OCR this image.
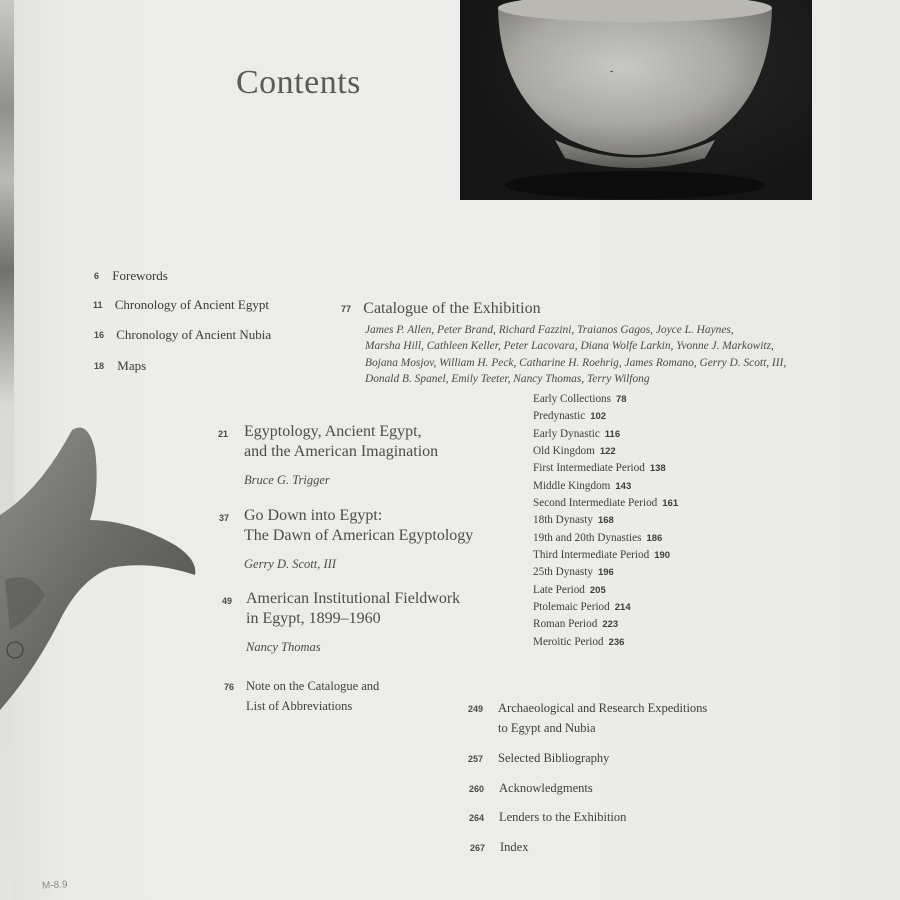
-
M-8.9
Contents
6 Forewords
11 Chronology of Ancient Egypt
16 Chronology of Ancient Nubia
18 Maps
77 Catalogue of the Exhibition
James P. Allen, Peter Brand, Richard Fazzini, Traianos Gagos, Joyce L. Haynes,
Marsha Hill, Cathleen Keller, Peter Lacovara, Diana Wolfe Larkin, Yvonne J. Markowitz,
Bojana Mosjov, William H. Peck, Catharine H. Roehrig, James Romano, Gerry D. Scott, III,
Donald B. Spanel, Emily Teeter, Nancy Thomas, Terry Wilfong
21 Egyptology, Ancient Egypt,
and the American Imagination
Bruce G. Trigger
37 Go Down into Egypt:
The Dawn of American Egyptology
Gerry D. Scott, III
49 American Institutional Fieldwork
in Egypt, 1899–1960
Nancy Thomas
76 Note on the Catalogue and
List of Abbreviations
Early Collections 78
Predynastic 102
Early Dynastic 116
Old Kingdom 122
First Intermediate Period 138
Middle Kingdom 143
Second Intermediate Period 161
18th Dynasty 168
19th and 20th Dynasties 186
Third Intermediate Period 190
25th Dynasty 196
Late Period 205
Ptolemaic Period 214
Roman Period 223
Meroitic Period 236
249 Archaeological and Research Expeditions
to Egypt and Nubia
257 Selected Bibliography
260 Acknowledgments
264 Lenders to the Exhibition
267 Index
